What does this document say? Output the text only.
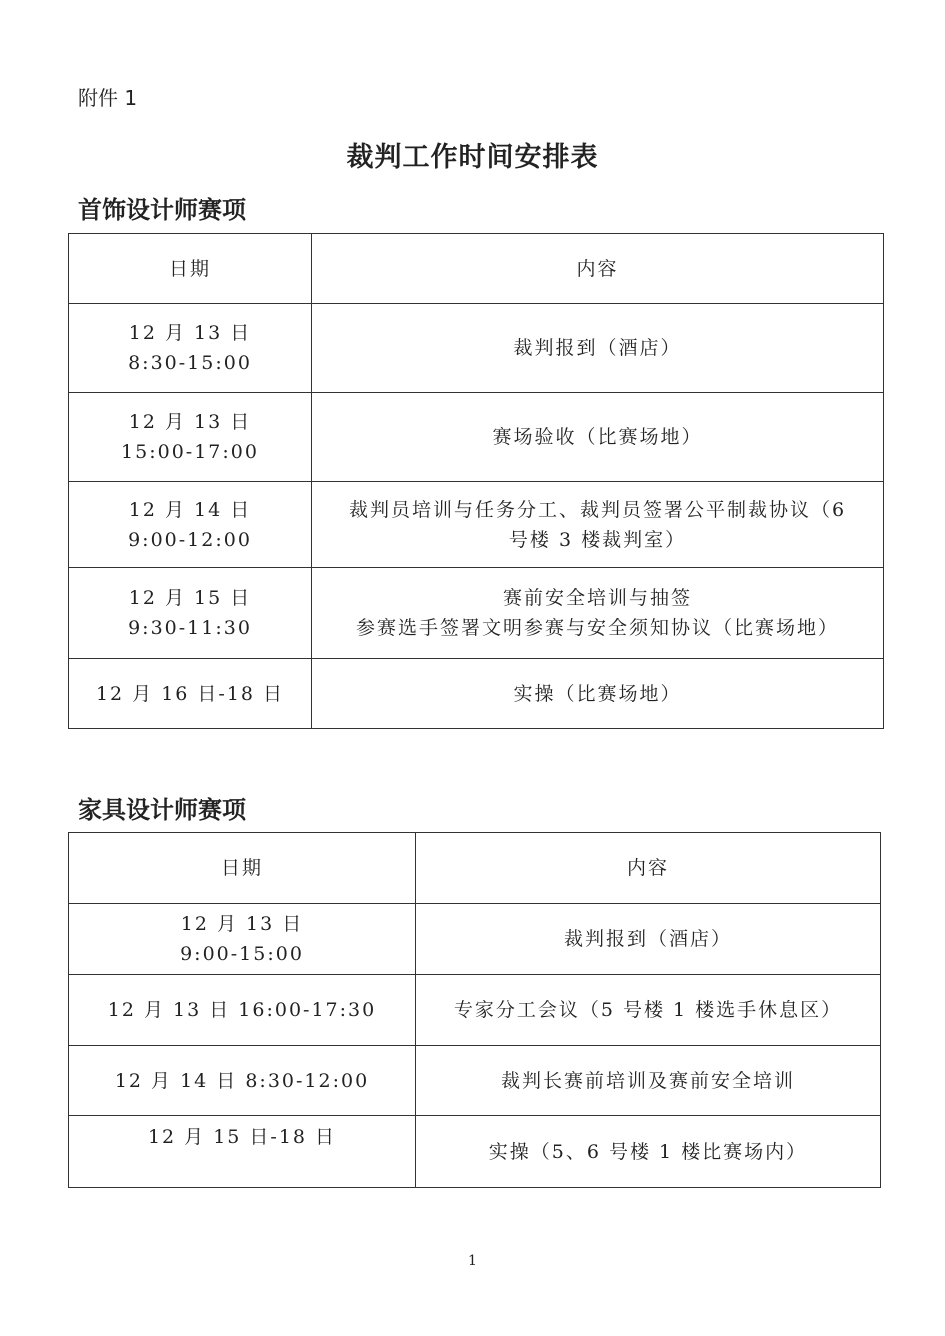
附件 1
裁判工作时间安排表
首饰设计师赛项
日期	内容

12 月 13 日
8:30-15:00	裁判报到（酒店）

12 月 13 日
15:00-17:00	赛场验收（比赛场地）

12 月 14 日
9:00-12:00	裁判员培训与任务分工、裁判员签署公平制裁协议（6
号楼 3 楼裁判室）

12 月 15 日
9:30-11:30	赛前安全培训与抽签
参赛选手签署文明参赛与安全须知协议（比赛场地）

12 月 16 日-18 日	实操（比赛场地）
家具设计师赛项
日期	内容

12 月 13 日
9:00-15:00	裁判报到（酒店）

12 月 13 日 16:00-17:30	专家分工会议（5 号楼 1 楼选手休息区）

12 月 14 日 8:30-12:00	裁判长赛前培训及赛前安全培训

12 月 15 日-18 日	实操（5、6 号楼 1 楼比赛场内）
1
